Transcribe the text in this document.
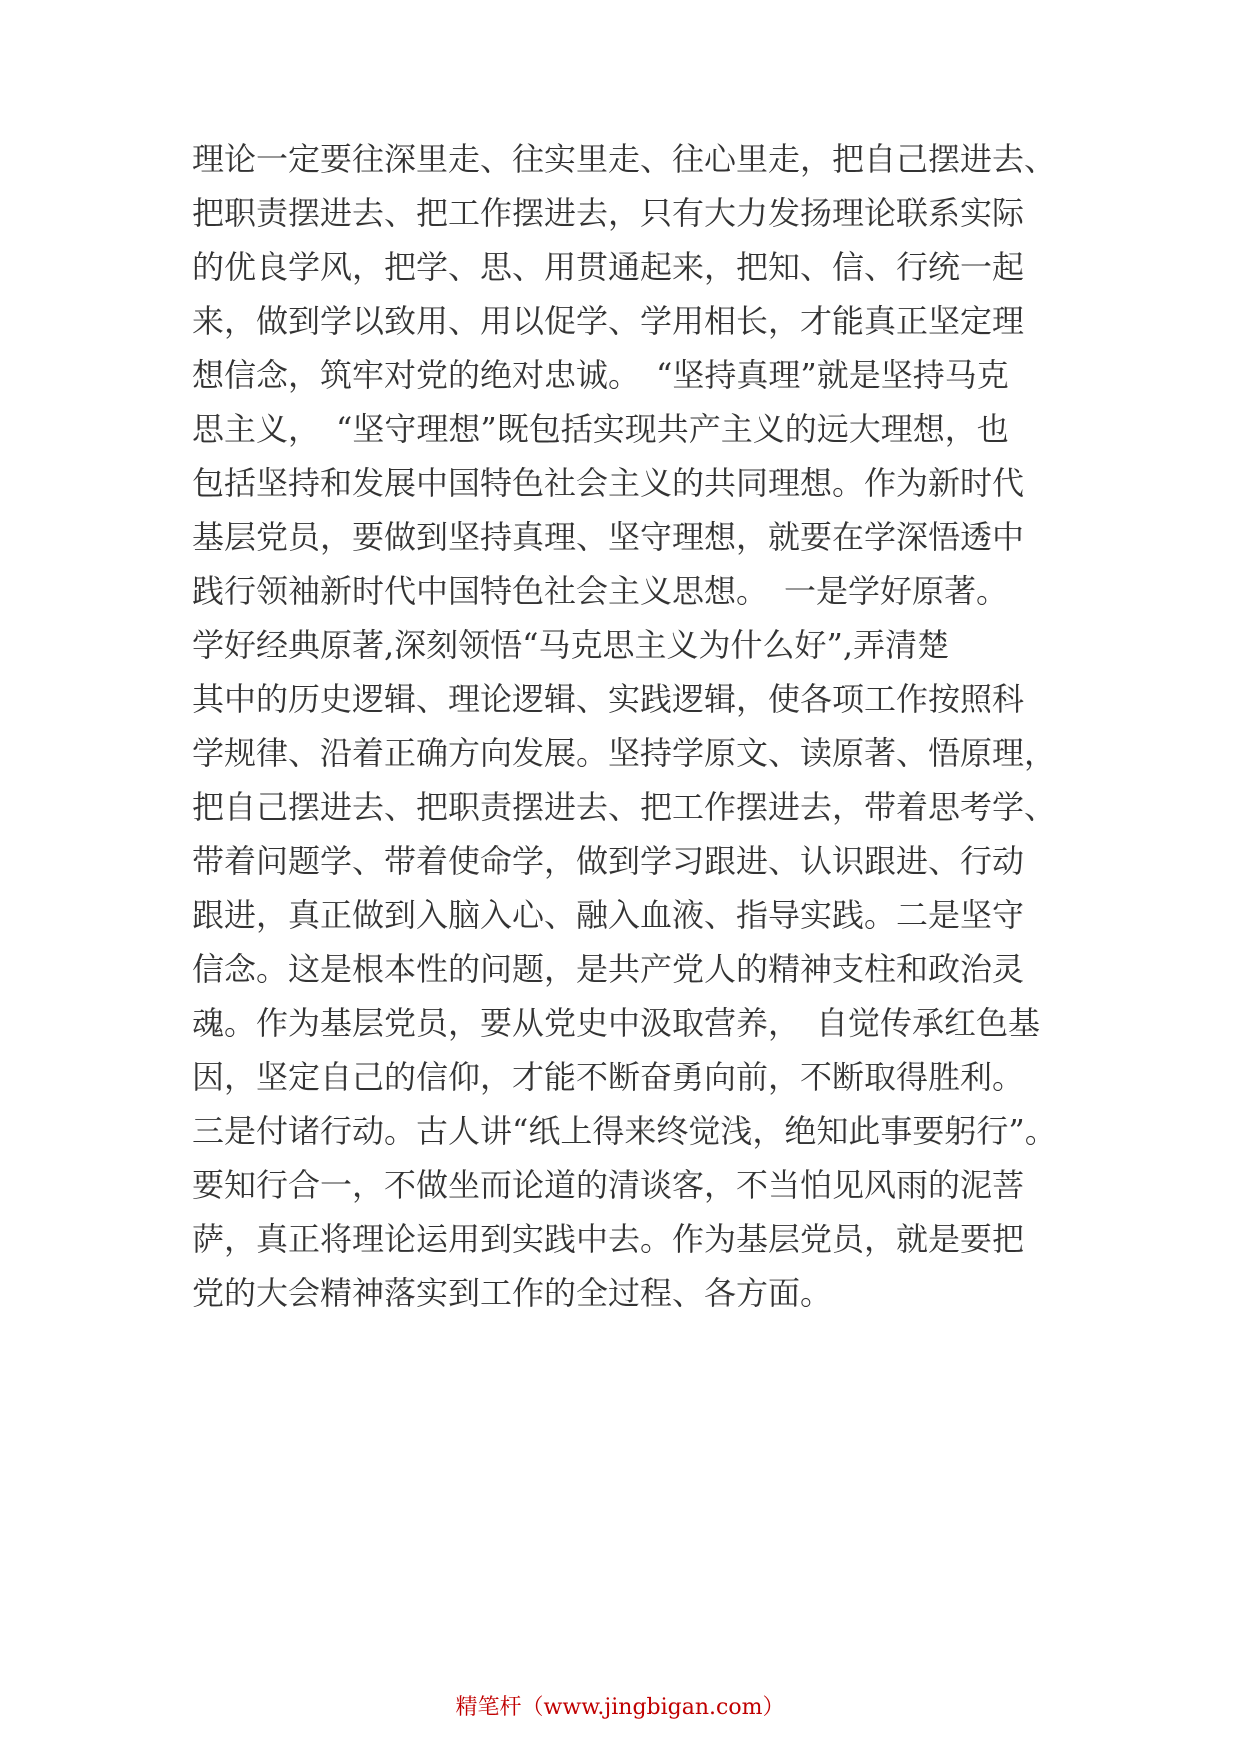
理论一定要往深里走、往实里走、往心里走，把自己摆进去、
把职责摆进去、把工作摆进去，只有大力发扬理论联系实际
的优良学风，把学、思、用贯通起来，把知、信、行统一起
来，做到学以致用、用以促学、学用相长，才能真正坚定理
想信念，筑牢对党的绝对忠诚。　“坚持真理”就是坚持马克
思主义，　“坚守理想”既包括实现共产主义的远大理想，也
包括坚持和发展中国特色社会主义的共同理想。作为新时代
基层党员，要做到坚持真理、坚守理想，就要在学深悟透中
践行领袖新时代中国特色社会主义思想。　一是学好原著。
学好经典原著,深刻领悟“马克思主义为什么好”,弄清楚
其中的历史逻辑、理论逻辑、实践逻辑，使各项工作按照科
学规律、沿着正确方向发展。坚持学原文、读原著、悟原理，
把自己摆进去、把职责摆进去、把工作摆进去，带着思考学、
带着问题学、带着使命学，做到学习跟进、认识跟进、行动
跟进，真正做到入脑入心、融入血液、指导实践。二是坚守
信念。这是根本性的问题，是共产党人的精神支柱和政治灵
魂。作为基层党员，要从党史中汲取营养，　自觉传承红色基
因，坚定自己的信仰，才能不断奋勇向前，不断取得胜利。
三是付诸行动。古人讲“纸上得来终觉浅，绝知此事要躬行”。
要知行合一，不做坐而论道的清谈客，不当怕见风雨的泥菩
萨，真正将理论运用到实践中去。作为基层党员，就是要把
党的大会精神落实到工作的全过程、各方面。
精笔杆（www.jingbigan.com）
